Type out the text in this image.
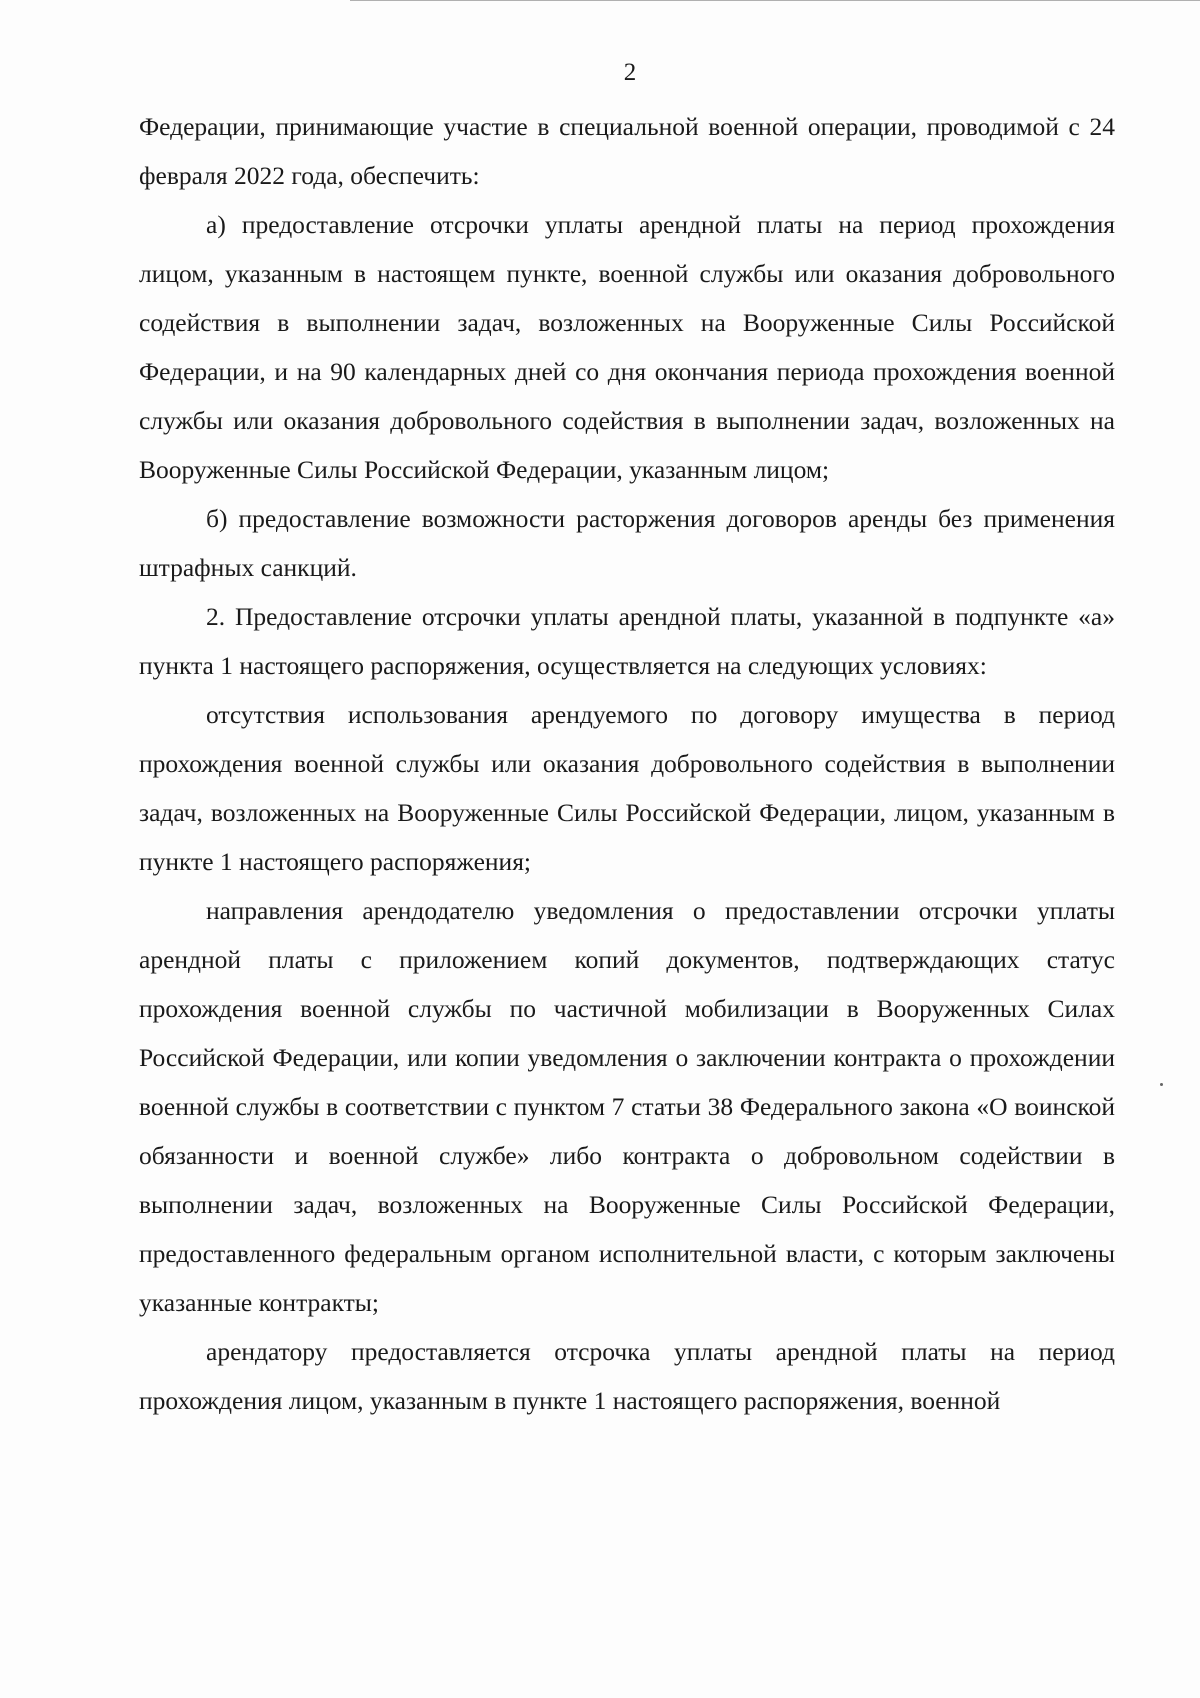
2

Федерации, принимающие участие в специальной военной операции, проводимой с 24 февраля 2022 года, обеспечить:

а) предоставление отсрочки уплаты арендной платы на период прохождения лицом, указанным в настоящем пункте, военной службы или оказания добровольного содействия в выполнении задач, возложенных на Вооруженные Силы Российской Федерации, и на 90 календарных дней со дня окончания периода прохождения военной службы или оказания добровольного содействия в выполнении задач, возложенных на Вооруженные Силы Российской Федерации, указанным лицом;

б) предоставление возможности расторжения договоров аренды без применения штрафных санкций.

2. Предоставление отсрочки уплаты арендной платы, указанной в подпункте «а» пункта 1 настоящего распоряжения, осуществляется на следующих условиях:

отсутствия использования арендуемого по договору имущества в период прохождения военной службы или оказания добровольного содействия в выполнении задач, возложенных на Вооруженные Силы Российской Федерации, лицом, указанным в пункте 1 настоящего распоряжения;

направления арендодателю уведомления о предоставлении отсрочки уплаты арендной платы с приложением копий документов, подтверждающих статус прохождения военной службы по частичной мобилизации в Вооруженных Силах Российской Федерации, или копии уведомления о заключении контракта о прохождении военной службы в соответствии с пунктом 7 статьи 38 Федерального закона «О воинской обязанности и военной службе» либо контракта о добровольном содействии в выполнении задач, возложенных на Вооруженные Силы Российской Федерации, предоставленного федеральным органом исполнительной власти, с которым заключены указанные контракты;

арендатору предоставляется отсрочка уплаты арендной платы на период прохождения лицом, указанным в пункте 1 настоящего распоряжения, военной
